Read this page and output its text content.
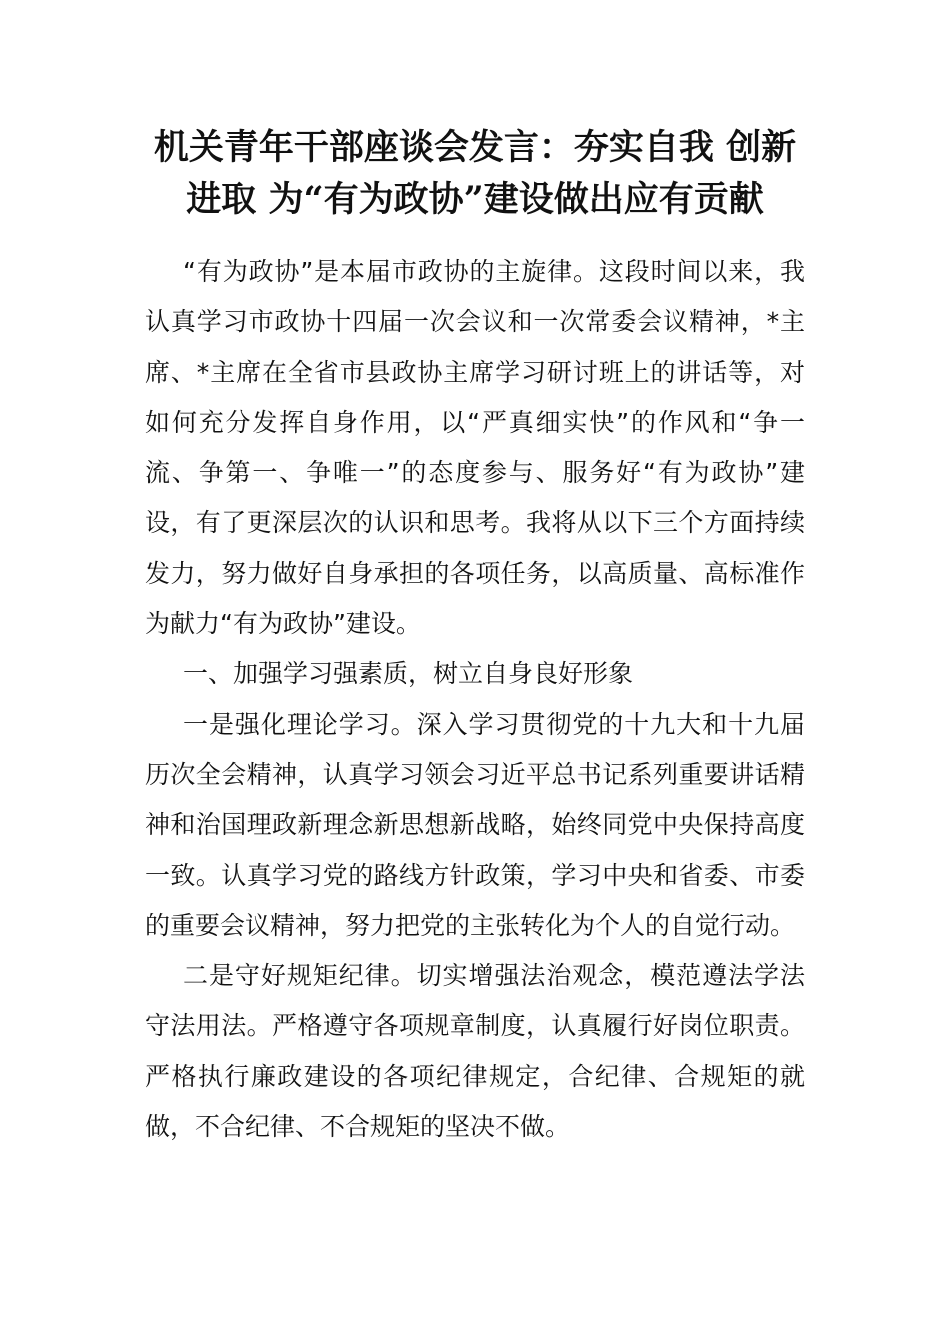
机关青年干部座谈会发言：夯实自我 创新
进取 为“有为政协”建设做出应有贡献

“有为政协”是本届市政协的主旋律。这段时间以来，我认真学习市政协十四届一次会议和一次常委会议精神，*主席、*主席在全省市县政协主席学习研讨班上的讲话等，对如何充分发挥自身作用，以“严真细实快”的作风和“争一流、争第一、争唯一”的态度参与、服务好“有为政协”建设，有了更深层次的认识和思考。我将从以下三个方面持续发力，努力做好自身承担的各项任务，以高质量、高标准作为献力“有为政协”建设。

一、加强学习强素质，树立自身良好形象

一是强化理论学习。深入学习贯彻党的十九大和十九届历次全会精神，认真学习领会习近平总书记系列重要讲话精神和治国理政新理念新思想新战略，始终同党中央保持高度一致。认真学习党的路线方针政策，学习中央和省委、市委的重要会议精神，努力把党的主张转化为个人的自觉行动。

二是守好规矩纪律。切实增强法治观念，模范遵法学法守法用法。严格遵守各项规章制度，认真履行好岗位职责。严格执行廉政建设的各项纪律规定，合纪律、合规矩的就做，不合纪律、不合规矩的坚决不做。
